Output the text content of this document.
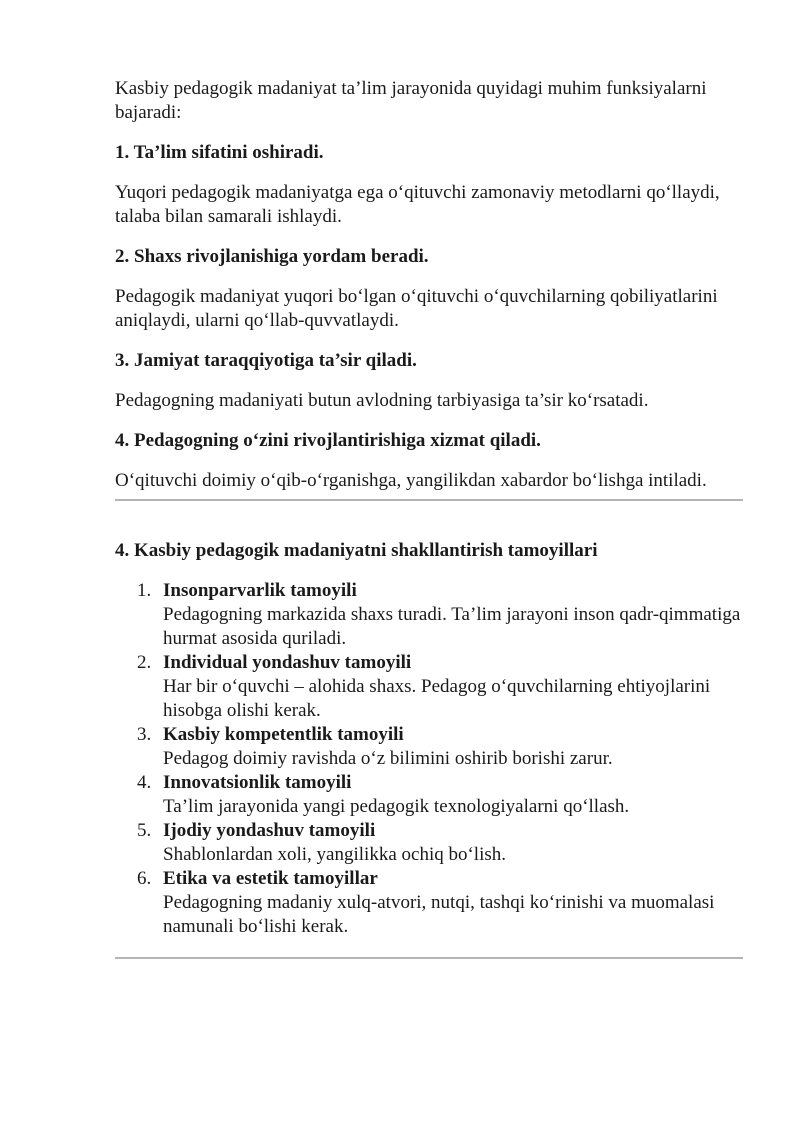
Kasbiy pedagogik madaniyat ta’lim jarayonida quyidagi muhim funksiyalarni bajaradi:

1. Ta’lim sifatini oshiradi.

Yuqori pedagogik madaniyatga ega o‘qituvchi zamonaviy metodlarni qo‘llaydi, talaba bilan samarali ishlaydi.

2. Shaxs rivojlanishiga yordam beradi.

Pedagogik madaniyat yuqori bo‘lgan o‘qituvchi o‘quvchilarning qobiliyatlarini aniqlaydi, ularni qo‘llab-quvvatlaydi.

3. Jamiyat taraqqiyotiga ta’sir qiladi.

Pedagogning madaniyati butun avlodning tarbiyasiga ta’sir ko‘rsatadi.

4. Pedagogning o‘zini rivojlantirishiga xizmat qiladi.

O‘qituvchi doimiy o‘qib-o‘rganishga, yangilikdan xabardor bo‘lishga intiladi.

4. Kasbiy pedagogik madaniyatni shakllantirish tamoyillari

1. Insonparvarlik tamoyili
Pedagogning markazida shaxs turadi. Ta’lim jarayoni inson qadr-qimmatiga hurmat asosida quriladi.
2. Individual yondashuv tamoyili
Har bir o‘quvchi – alohida shaxs. Pedagog o‘quvchilarning ehtiyojlarini hisobga olishi kerak.
3. Kasbiy kompetentlik tamoyili
Pedagog doimiy ravishda o‘z bilimini oshirib borishi zarur.
4. Innovatsionlik tamoyili
Ta’lim jarayonida yangi pedagogik texnologiyalarni qo‘llash.
5. Ijodiy yondashuv tamoyili
Shablonlardan xoli, yangilikka ochiq bo‘lish.
6. Etika va estetik tamoyillar
Pedagogning madaniy xulq-atvori, nutqi, tashqi ko‘rinishi va muomalasi namunali bo‘lishi kerak.
